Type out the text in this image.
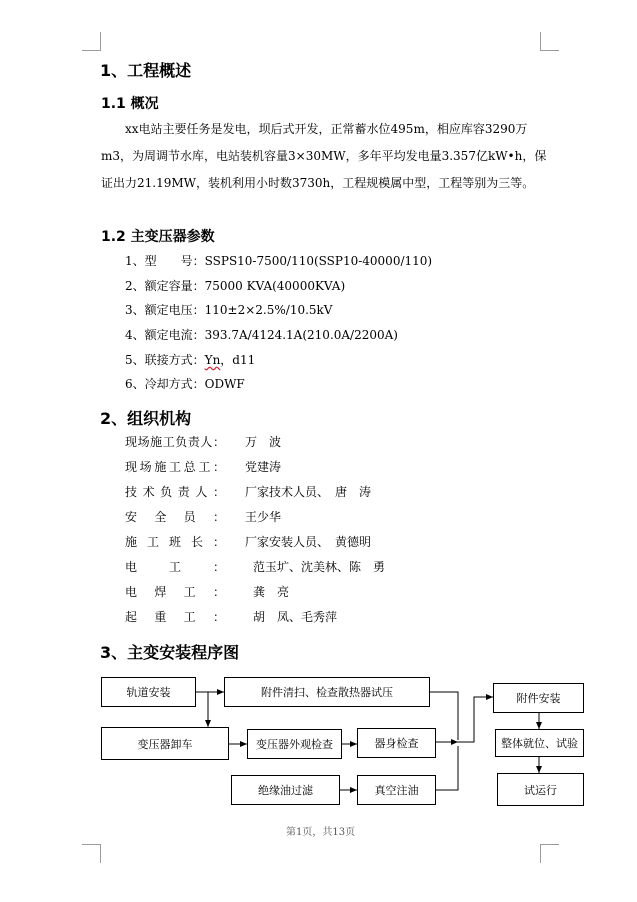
1、工程概述
1.1 概况
xx电站主要任务是发电，坝后式开发，正常蓄水位495m，相应库容3290万m3，为周调节水库，电站装机容量3×30MW，多年平均发电量3.357亿kW•h，保证出力21.19MW，装机利用小时数3730h，工程规模属中型，工程等别为三等。
1.2 主变压器参数
1、型　　号：SSPS10-7500/110(SSP10-40000/110)
2、额定容量：75000 KVA(40000KVA)
3、额定电压：110±2×2.5%/10.5kV
4、额定电流：393.7A/4124.1A(210.0A/2200A)
5、联接方式：Yn，d11
6、冷却方式：ODWF
2、组织机构
现场施工负责人： 万　波
现场施工总工： 党建涛
技术负责人： 厂家技术人员、　唐　涛
安全员： 王少华
施工班长： 厂家安装人员、　黄德明
电工： 范玉圹、沈美林、陈　勇
电焊工： 龚　亮
起重工： 胡　凤、毛秀萍
3、主变安装程序图
轨道安装	附件清扫、检查散热器试压
变压器卸车	变压器外观检查	器身检查
绝缘油过滤	真空注油
附件安装
整体就位、试验
试运行
第1页，共13页
